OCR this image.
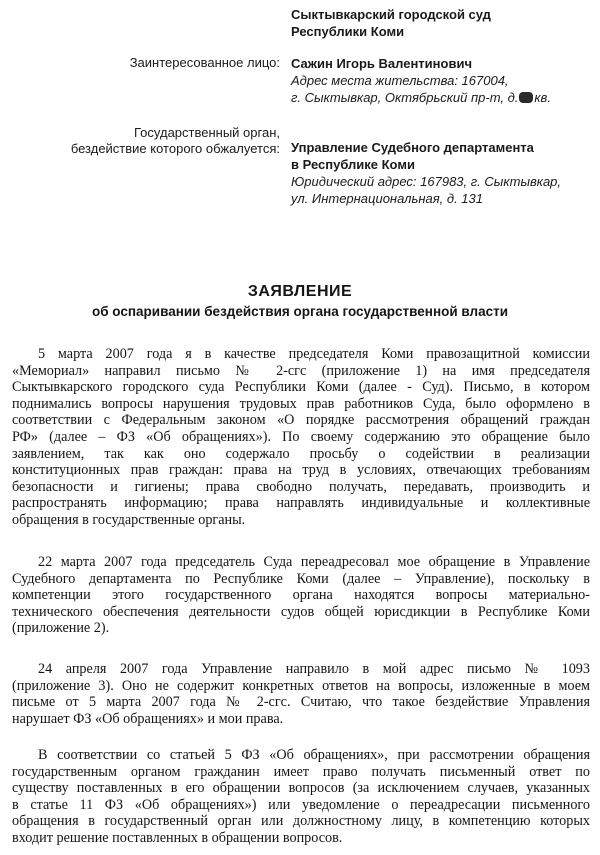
Сыктывкарский городской суд
Республики Коми
Заинтересованное лицо: Сажин Игорь Валентинович
Адрес места жительства: 167004,
г. Сыктывкар, Октябрьский пр-т, д. кв.
Государственный орган,
бездействие которого обжалуется: Управление Судебного департамента
в Республике Коми
Юридический адрес: 167983, г. Сыктывкар,
ул. Интернациональная, д. 131
ЗАЯВЛЕНИЕ
об оспаривании бездействия органа государственной власти
5 марта 2007 года я в качестве председателя Коми правозащитной комиссии
«Мемориал» направил письмо № 2-сгс (приложение 1) на имя председателя
Сыктывкарского городского суда Республики Коми (далее - Суд). Письмо, в котором
поднимались вопросы нарушения трудовых прав работников Суда, было оформлено в
соответствии с Федеральным законом «О порядке рассмотрения обращений граждан
РФ» (далее – ФЗ «Об обращениях»). По своему содержанию это обращение было
заявлением, так как оно содержало просьбу о содействии в реализации
конституционных прав граждан: права на труд в условиях, отвечающих требованиям
безопасности и гигиены; права свободно получать, передавать, производить и
распространять информацию; права направлять индивидуальные и коллективные
обращения в государственные органы.
22 марта 2007 года председатель Суда переадресовал мое обращение в Управление
Судебного департамента по Республике Коми (далее – Управление), поскольку в
компетенции этого государственного органа находятся вопросы материально-
технического обеспечения деятельности судов общей юрисдикции в Республике Коми
(приложение 2).
24 апреля 2007 года Управление направило в мой адрес письмо № 1093
(приложение 3). Оно не содержит конкретных ответов на вопросы, изложенные в моем
письме от 5 марта 2007 года № 2-сгс. Считаю, что такое бездействие Управления
нарушает ФЗ «Об обращениях» и мои права.
В соответствии со статьей 5 ФЗ «Об обращениях», при рассмотрении обращения
государственным органом гражданин имеет право получать письменный ответ по
существу поставленных в его обращении вопросов (за исключением случаев, указанных
в статье 11 ФЗ «Об обращениях») или уведомление о переадресации письменного
обращения в государственный орган или должностному лицу, в компетенцию которых
входит решение поставленных в обращении вопросов.
